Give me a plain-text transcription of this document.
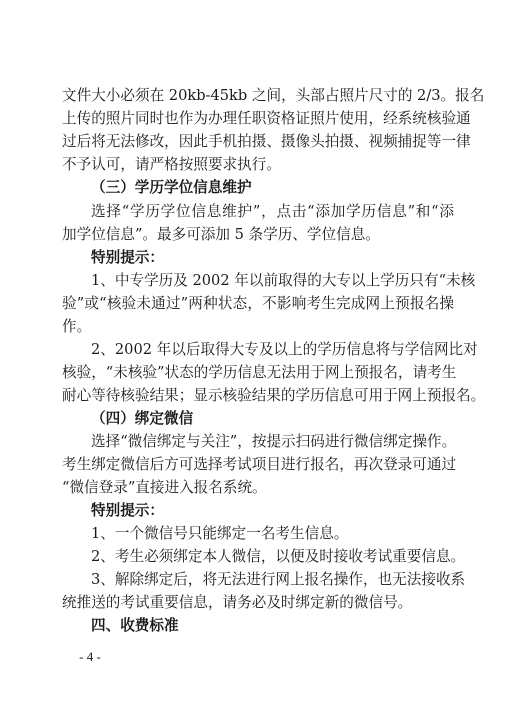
文件大小必须在 20kb-45kb 之间，头部占照片尺寸的 2/3。报名
上传的照片同时也作为办理任职资格证照片使用，经系统核验通
过后将无法修改，因此手机拍摄、摄像头拍摄、视频捕捉等一律
不予认可，请严格按照要求执行。
（三）学历学位信息维护
选择“学历学位信息维护”，点击“添加学历信息”和“添
加学位信息”。最多可添加 5 条学历、学位信息。
特别提示：
1、中专学历及 2002 年以前取得的大专以上学历只有“未核
验”或“核验未通过”两种状态，不影响考生完成网上预报名操
作。
2、2002 年以后取得大专及以上的学历信息将与学信网比对
核验，“未核验”状态的学历信息无法用于网上预报名，请考生
耐心等待核验结果；显示核验结果的学历信息可用于网上预报名。
（四）绑定微信
选择“微信绑定与关注”，按提示扫码进行微信绑定操作。
考生绑定微信后方可选择考试项目进行报名，再次登录可通过
“微信登录”直接进入报名系统。
特别提示：
1、一个微信号只能绑定一名考生信息。
2、考生必须绑定本人微信，以便及时接收考试重要信息。
3、解除绑定后，将无法进行网上报名操作，也无法接收系
统推送的考试重要信息，请务必及时绑定新的微信号。
四、收费标准
- 4 -
